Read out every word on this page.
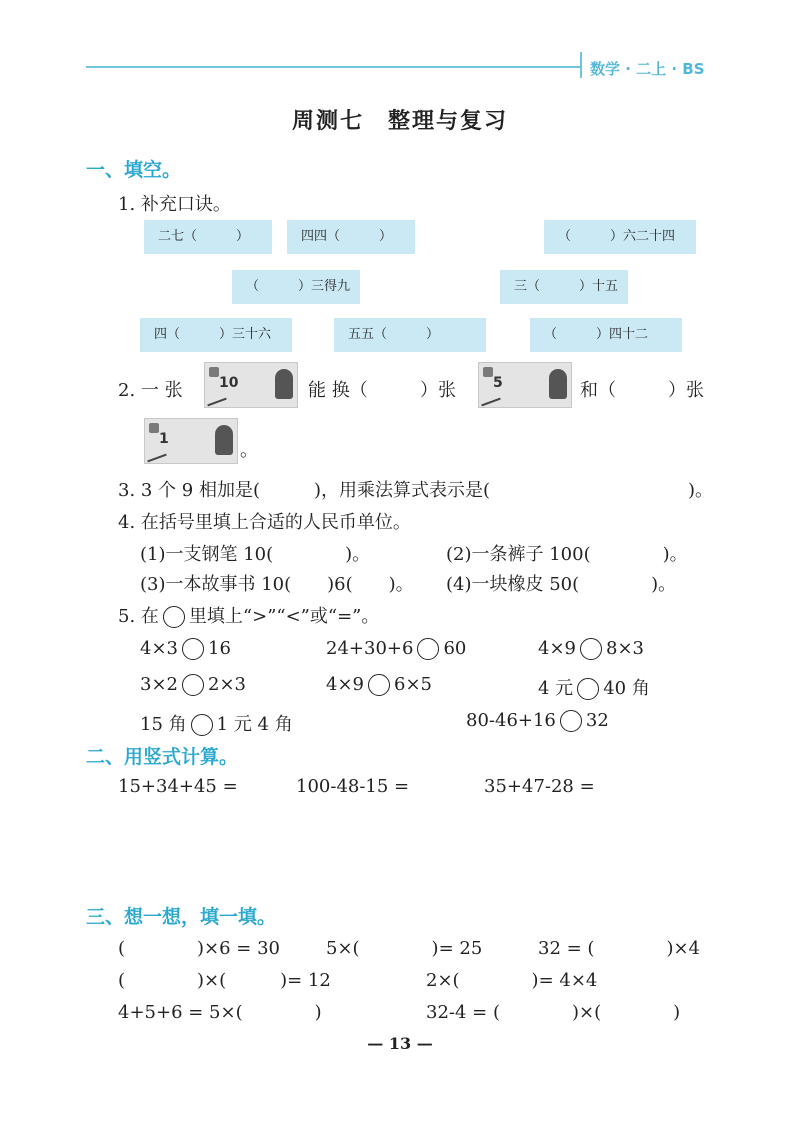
数学 · 二上 · BS
周测七　整理与复习
一、填空。
1. 补充口诀。
二七（　　　）	四四（　　　）	（　　　）六二十四
（　　　）三得九	三（　　　）十五
四（　　　）三十六	五五（　　　）	（　　　）四十二
2. 一 张	10	能 换（	）张	5	和（	）张
1
。
3. 3 个 9 相加是(　　　)，用乘法算式表示是(　　　　　　　　　　　)。
4. 在括号里填上合适的人民币单位。
(1)一支钢笔 10(　　　　)。	(2)一条裤子 100(　　　　)。
(3)一本故事书 10(　　)6(　　)。 (4)一块橡皮 50(　　　　)。
5. 在 里填上“>”“<”或“=”。
4×3 16	24+30+6 60	4×9 8×3
3×2 2×3	4×9 6×5	4 元 40 角
15 角 1 元 4 角	80-46+16 32
二、用竖式计算。
15+34+45 =	100-48-15 =	35+47-28 =
三、想一想，填一填。
(　　　　)×6 = 30	5×(　　　　)= 25	32 = (　　　　)×4
(　　　　)×(　　　)= 12	2×(　　　　)= 4×4
4+5+6 = 5×(　　　　)	32-4 = (　　　　)×(　　　　)
— 13 —
